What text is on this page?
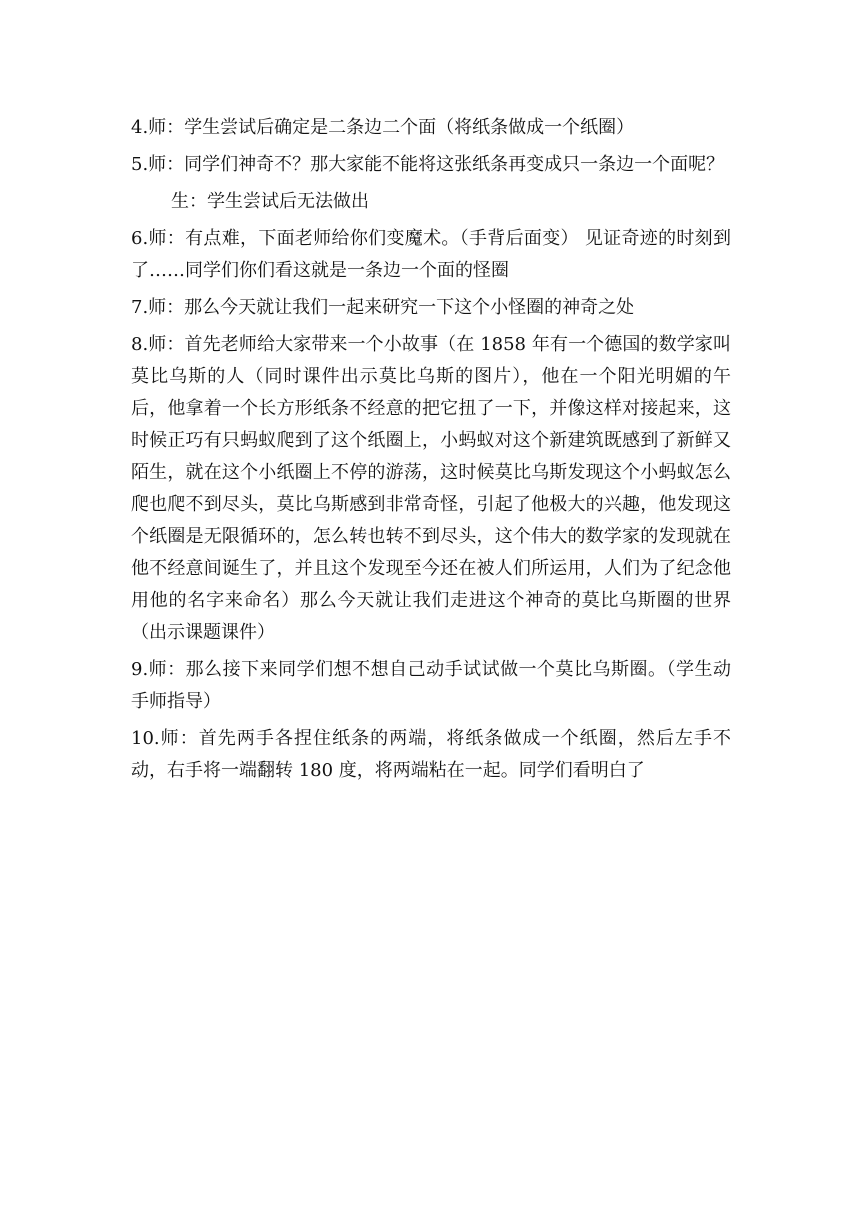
4.师：学生尝试后确定是二条边二个面（将纸条做成一个纸圈）

5.师：同学们神奇不？那大家能不能将这张纸条再变成只一条边一个面呢？

生：学生尝试后无法做出

6.师：有点难，下面老师给你们变魔术。（手背后面变） 见证奇迹的时刻到了……同学们你们看这就是一条边一个面的怪圈

7.师：那么今天就让我们一起来研究一下这个小怪圈的神奇之处

8.师：首先老师给大家带来一个小故事（在 1858 年有一个德国的数学家叫莫比乌斯的人（同时课件出示莫比乌斯的图片），他在一个阳光明媚的午后，他拿着一个长方形纸条不经意的把它扭了一下，并像这样对接起来，这时候正巧有只蚂蚁爬到了这个纸圈上，小蚂蚁对这个新建筑既感到了新鲜又陌生，就在这个小纸圈上不停的游荡，这时候莫比乌斯发现这个小蚂蚁怎么爬也爬不到尽头，莫比乌斯感到非常奇怪，引起了他极大的兴趣，他发现这个纸圈是无限循环的，怎么转也转不到尽头，这个伟大的数学家的发现就在他不经意间诞生了，并且这个发现至今还在被人们所运用，人们为了纪念他用他的名字来命名）那么今天就让我们走进这个神奇的莫比乌斯圈的世界（出示课题课件）

9.师：那么接下来同学们想不想自己动手试试做一个莫比乌斯圈。（学生动手师指导）

10.师：首先两手各捏住纸条的两端，将纸条做成一个纸圈，然后左手不动，右手将一端翻转 180 度，将两端粘在一起。同学们看明白了
